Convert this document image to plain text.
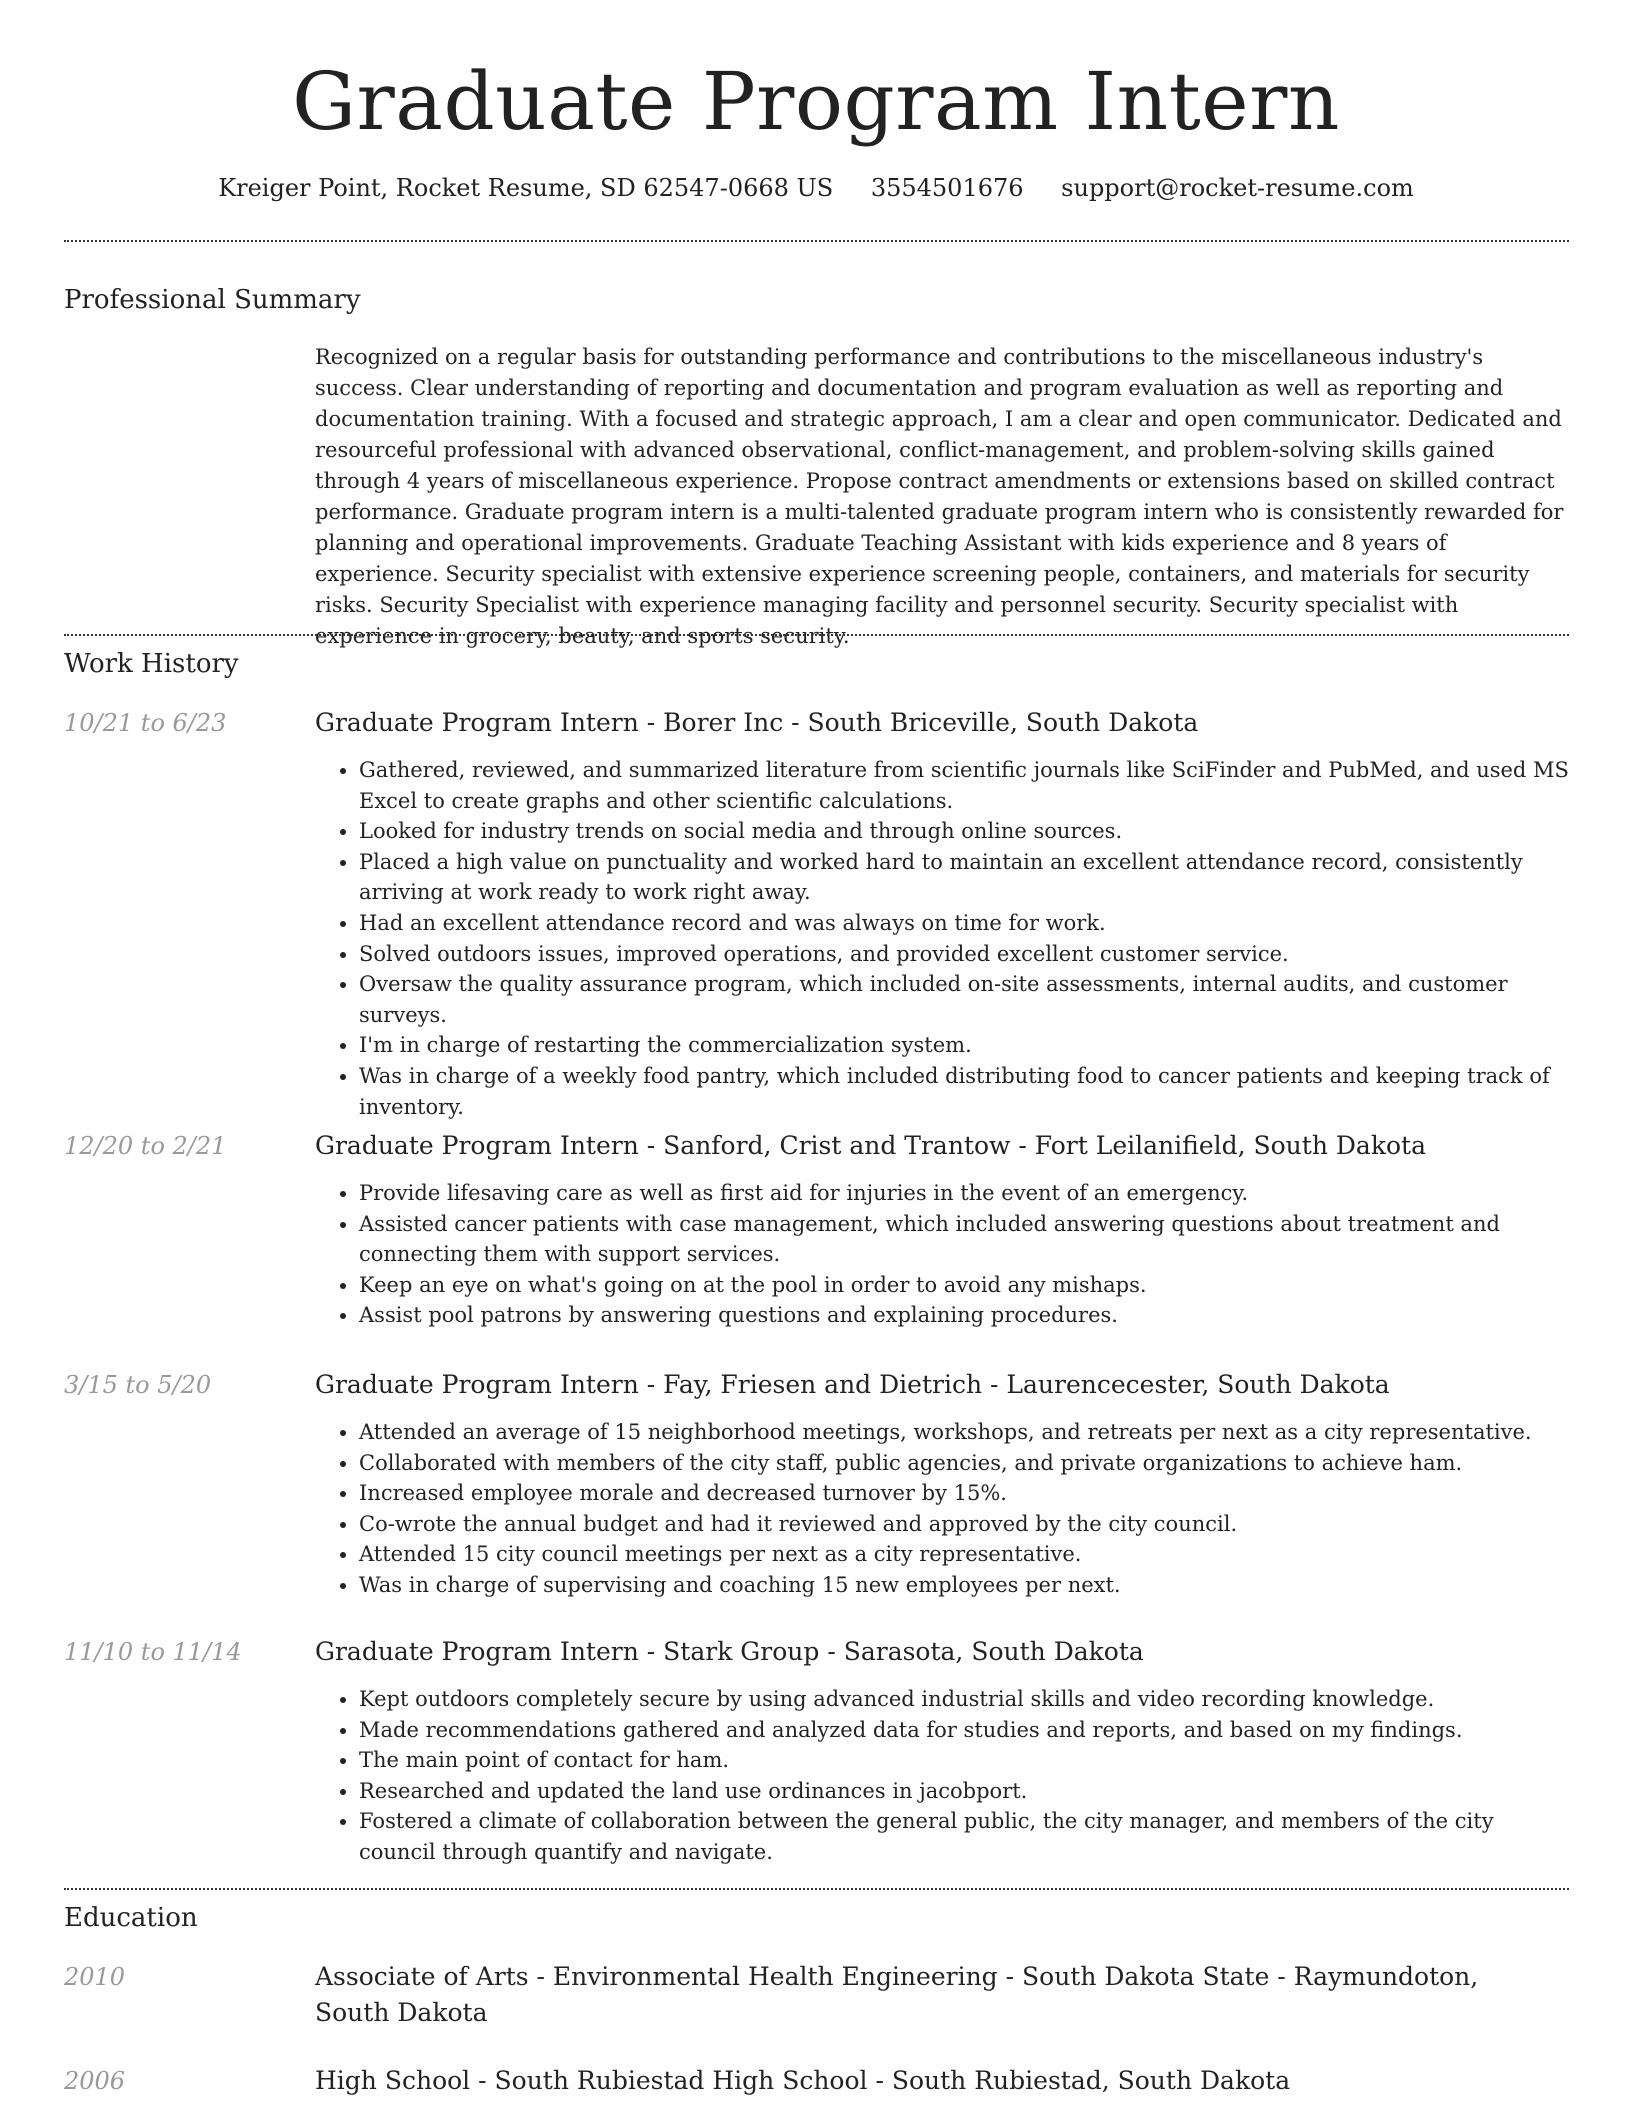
Graduate Program Intern
Kreiger Point, Rocket Resume, SD 62547-0668 US 3554501676 support@rocket-resume.com
Professional Summary

Recognized on a regular basis for outstanding performance and contributions to the miscellaneous industry's success. Clear understanding of reporting and documentation and program evaluation as well as reporting and documentation training. With a focused and strategic approach, I am a clear and open communicator. Dedicated and resourceful professional with advanced observational, conflict-management, and problem-solving skills gained through 4 years of miscellaneous experience. Propose contract amendments or extensions based on skilled contract performance. Graduate program intern is a multi-talented graduate program intern who is consistently rewarded for planning and operational improvements. Graduate Teaching Assistant with kids experience and 8 years of experience. Security specialist with extensive experience screening people, containers, and materials for security risks. Security Specialist with experience managing facility and personnel security. Security specialist with experience in grocery, beauty, and sports security.

Work History
10/21 to 6/23	Graduate Program Intern - Borer Inc - South Briceville, South Dakota
• Gathered, reviewed, and summarized literature from scientific journals like SciFinder and PubMed, and used MS Excel to create graphs and other scientific calculations.
• Looked for industry trends on social media and through online sources.
• Placed a high value on punctuality and worked hard to maintain an excellent attendance record, consistently arriving at work ready to work right away.
• Had an excellent attendance record and was always on time for work.
• Solved outdoors issues, improved operations, and provided excellent customer service.
• Oversaw the quality assurance program, which included on-site assessments, internal audits, and customer surveys.
• I'm in charge of restarting the commercialization system.
• Was in charge of a weekly food pantry, which included distributing food to cancer patients and keeping track of inventory.
12/20 to 2/21	Graduate Program Intern - Sanford, Crist and Trantow - Fort Leilanifield, South Dakota
• Provide lifesaving care as well as first aid for injuries in the event of an emergency.
• Assisted cancer patients with case management, which included answering questions about treatment and connecting them with support services.
• Keep an eye on what's going on at the pool in order to avoid any mishaps.
• Assist pool patrons by answering questions and explaining procedures.
3/15 to 5/20	Graduate Program Intern - Fay, Friesen and Dietrich - Laurencecester, South Dakota
• Attended an average of 15 neighborhood meetings, workshops, and retreats per next as a city representative.
• Collaborated with members of the city staff, public agencies, and private organizations to achieve ham.
• Increased employee morale and decreased turnover by 15%.
• Co-wrote the annual budget and had it reviewed and approved by the city council.
• Attended 15 city council meetings per next as a city representative.
• Was in charge of supervising and coaching 15 new employees per next.
11/10 to 11/14	Graduate Program Intern - Stark Group - Sarasota, South Dakota
• Kept outdoors completely secure by using advanced industrial skills and video recording knowledge.
• Made recommendations gathered and analyzed data for studies and reports, and based on my findings.
• The main point of contact for ham.
• Researched and updated the land use ordinances in jacobport.
• Fostered a climate of collaboration between the general public, the city manager, and members of the city council through quantify and navigate.
Education
2010	Associate of Arts - Environmental Health Engineering - South Dakota State - Raymundoton, South Dakota
2006	High School - South Rubiestad High School - South Rubiestad, South Dakota
